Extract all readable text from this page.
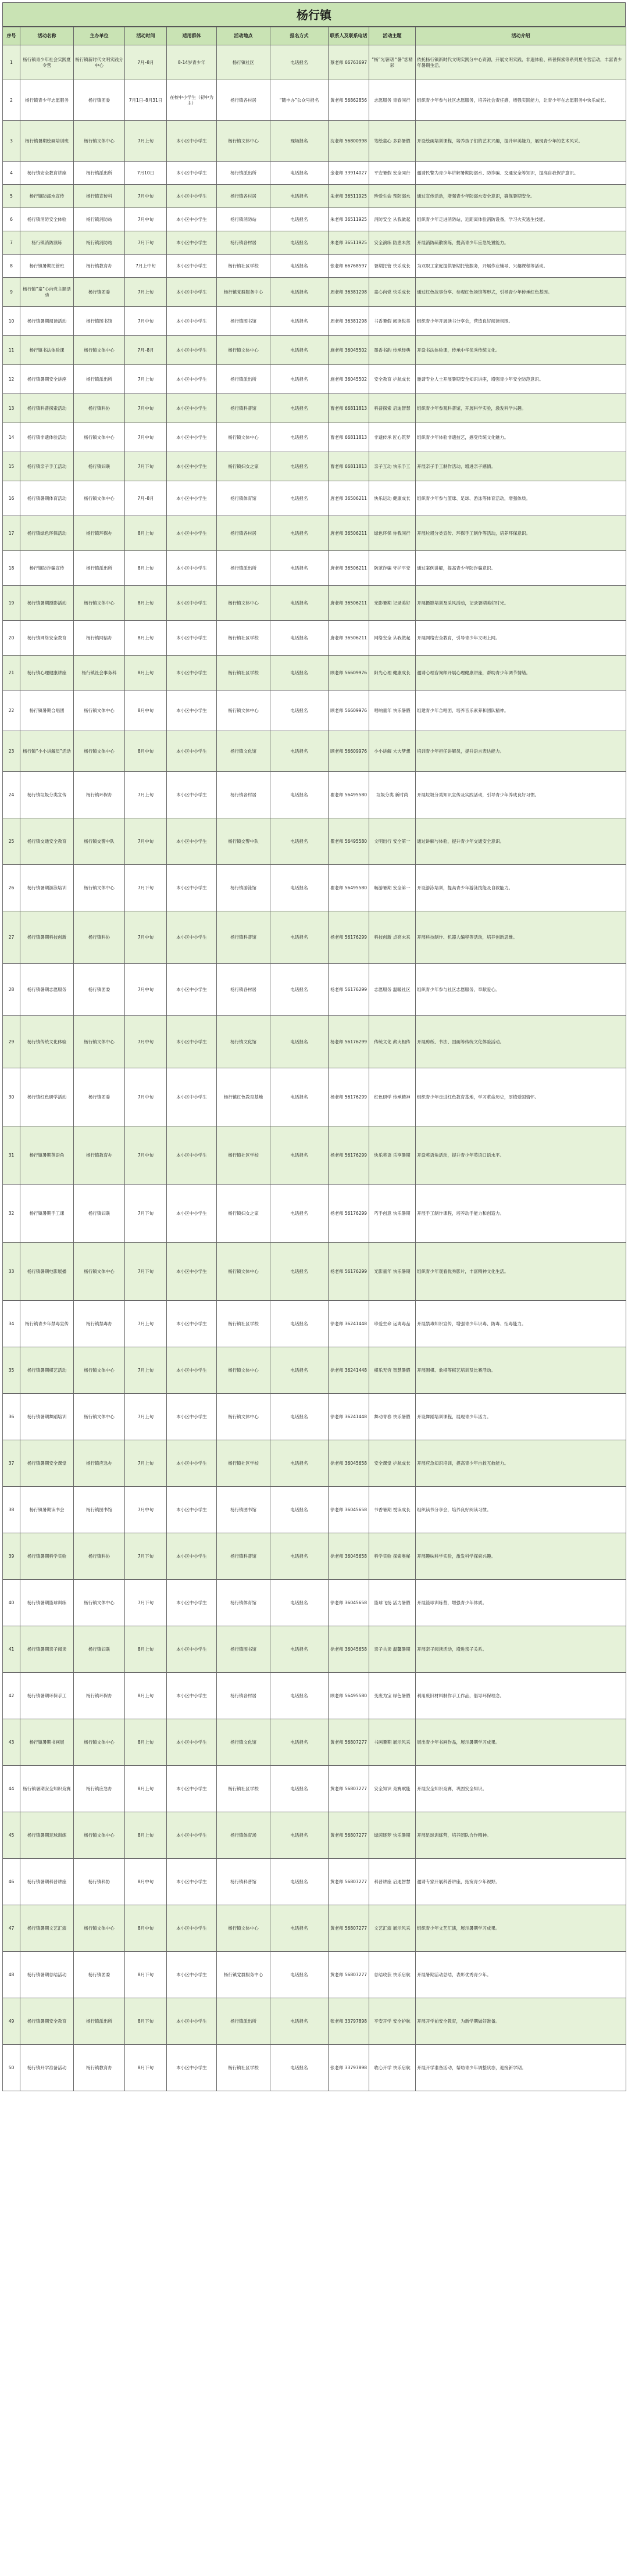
杨行镇
序号	活动名称	主办单位	活动时间	适用群体	活动地点	报名方式	联系人及联系电话	活动主题	活动介绍
1	杨行镇青少年社会实践夏令营	杨行镇新时代文明实践分中心	7月–8月	8-14岁青少年	杨行镇社区	电话报名	蔡老师 66763697	“杨”光暑期 “暑”您精彩	依托杨行镇新时代文明实践分中心资源，开展文明实践、非遗体验、科普探索等系列夏令营活动，丰富青少年暑期生活。
2	杨行镇青少年志愿服务	杨行镇团委	7月1日–8月31日	在校中小学生（初中为主）	杨行镇各村居	“随申办”公众号报名	黄老师 56862856	志愿服务 青春同行	组织青少年参与社区志愿服务，培养社会责任感，增强实践能力，让青少年在志愿服务中快乐成长。
3	杨行镇暑期绘画培训班	杨行镇文体中心	7月上旬	本小区中小学生	杨行镇文体中心	现场报名	沈老师 56800998	笔绘童心 多彩暑假	开设绘画培训课程，培养孩子们的艺术兴趣，提升审美能力，展现青少年的艺术风采。
4	杨行镇安全教育讲座	杨行镇派出所	7月10日	本小区中小学生	杨行镇派出所	电话报名	金老师 33914027	平安暑假 安全同行	邀请民警为青少年讲解暑期防溺水、防诈骗、交通安全等知识，提高自我保护意识。
5	杨行镇防溺水宣传	杨行镇宣传科	7月中旬	本小区中小学生	杨行镇各村居	电话报名	朱老师 36511925	珍爱生命 预防溺水	通过宣传活动，增强青少年防溺水安全意识，确保暑期安全。
6	杨行镇消防安全体验	杨行镇消防站	7月中旬	本小区中小学生	杨行镇消防站	电话报名	朱老师 36511925	消防安全 从我做起	组织青少年走进消防站，近距离体验消防设备，学习火灾逃生技能。
7	杨行镇消防演练	杨行镇消防站	7月下旬	本小区中小学生	杨行镇各村居	电话报名	朱老师 36511925	安全演练 防患未然	开展消防疏散演练，提高青少年应急处置能力。
8	杨行镇暑期托管班	杨行镇教育办	7月上中旬	本小区中小学生	杨行镇社区学校	电话报名	张老师 66768597	暑期托管 快乐成长	为双职工家庭提供暑期托管服务，开展作业辅导、兴趣课程等活动。
9	杨行镇“童”心向党主题活动	杨行镇团委	7月上旬	本小区中小学生	杨行镇党群服务中心	电话报名	周老师 36381298	童心向党 快乐成长	通过红色故事分享、参观红色场馆等形式，引导青少年传承红色基因。
10	杨行镇暑期阅读活动	杨行镇图书馆	7月中旬	本小区中小学生	杨行镇图书馆	电话报名	周老师 36381298	书香暑假 阅读悦美	组织青少年开展读书分享会，营造良好阅读氛围。
11	杨行镇书法体验课	杨行镇文体中心	7月–8月	本小区中小学生	杨行镇文体中心	电话报名	施老师 36045502	墨香书韵 传承经典	开设书法体验课，传承中华优秀传统文化。
12	杨行镇暑期安全讲座	杨行镇派出所	7月上旬	本小区中小学生	杨行镇派出所	电话报名	施老师 36045502	安全教育 护航成长	邀请专业人士开展暑期安全知识讲座，增强青少年安全防范意识。
13	杨行镇科普探索活动	杨行镇科协	7月中旬	本小区中小学生	杨行镇科普馆	电话报名	曹老师 66811813	科普探索 启迪智慧	组织青少年参观科普馆，开展科学实验，激发科学兴趣。
14	杨行镇非遗体验活动	杨行镇文体中心	7月中旬	本小区中小学生	杨行镇文体中心	电话报名	曹老师 66811813	非遗传承 匠心筑梦	组织青少年体验非遗技艺，感受传统文化魅力。
15	杨行镇亲子手工活动	杨行镇妇联	7月下旬	本小区中小学生	杨行镇妇女之家	电话报名	曹老师 66811813	亲子互动 快乐手工	开展亲子手工制作活动，增进亲子感情。
16	杨行镇暑期体育活动	杨行镇文体中心	7月–8月	本小区中小学生	杨行镇体育馆	电话报名	唐老师 36506211	快乐运动 健康成长	组织青少年参与篮球、足球、游泳等体育活动，增强体质。
17	杨行镇绿色环保活动	杨行镇环保办	8月上旬	本小区中小学生	杨行镇各村居	电话报名	唐老师 36506211	绿色环保 你我同行	开展垃圾分类宣传、环保手工制作等活动，培养环保意识。
18	杨行镇防诈骗宣传	杨行镇派出所	8月上旬	本小区中小学生	杨行镇派出所	电话报名	唐老师 36506211	防范诈骗 守护平安	通过案例讲解，提高青少年防诈骗意识。
19	杨行镇暑期摄影活动	杨行镇文体中心	8月上旬	本小区中小学生	杨行镇文体中心	电话报名	唐老师 36506211	光影暑期 记录美好	开展摄影培训及采风活动，记录暑期美好时光。
20	杨行镇网络安全教育	杨行镇网信办	8月上旬	本小区中小学生	杨行镇社区学校	电话报名	唐老师 36506211	网络安全 从我做起	开展网络安全教育，引导青少年文明上网。
21	杨行镇心理健康讲座	杨行镇社会事务科	8月上旬	本小区中小学生	杨行镇社区学校	电话报名	顾老师 56609976	阳光心理 健康成长	邀请心理咨询师开展心理健康讲座，帮助青少年调节情绪。
22	杨行镇暑期合唱团	杨行镇文体中心	8月中旬	本小区中小学生	杨行镇文体中心	电话报名	顾老师 56609976	唱响童年 快乐暑假	组建青少年合唱团，培养音乐素养和团队精神。
23	杨行镇“小小讲解员”活动	杨行镇文体中心	8月中旬	本小区中小学生	杨行镇文化馆	电话报名	顾老师 56609976	小小讲解 大大梦想	培训青少年担任讲解员，提升语言表达能力。
24	杨行镇垃圾分类宣传	杨行镇环保办	7月上旬	本小区中小学生	杨行镇各村居	电话报名	瞿老师 56495580	垃圾分类 新时尚	开展垃圾分类知识宣传及实践活动，引导青少年养成良好习惯。
25	杨行镇交通安全教育	杨行镇交警中队	7月中旬	本小区中小学生	杨行镇交警中队	电话报名	瞿老师 56495580	文明出行 安全第一	通过讲解与体验，提升青少年交通安全意识。
26	杨行镇暑期游泳培训	杨行镇文体中心	7月下旬	本小区中小学生	杨行镇游泳馆	电话报名	瞿老师 56495580	畅游暑期 安全第一	开设游泳培训，提高青少年游泳技能及自救能力。
27	杨行镇暑期科技创新	杨行镇科协	7月中旬	本小区中小学生	杨行镇科普馆	电话报名	杨老师 56176299	科技创新 点亮未来	开展科技制作、机器人编程等活动，培养创新思维。
28	杨行镇暑期志愿服务	杨行镇团委	7月中旬	本小区中小学生	杨行镇各村居	电话报名	杨老师 56176299	志愿服务 温暖社区	组织青少年参与社区志愿服务，奉献爱心。
29	杨行镇传统文化体验	杨行镇文体中心	7月中旬	本小区中小学生	杨行镇文化馆	电话报名	杨老师 56176299	传统文化 薪火相传	开展剪纸、书法、国画等传统文化体验活动。
30	杨行镇红色研学活动	杨行镇团委	7月中旬	本小区中小学生	杨行镇红色教育基地	电话报名	杨老师 56176299	红色研学 传承精神	组织青少年走进红色教育基地，学习革命历史，厚植爱国情怀。
31	杨行镇暑期英语角	杨行镇教育办	7月中旬	本小区中小学生	杨行镇社区学校	电话报名	杨老师 56176299	快乐英语 乐享暑期	开设英语角活动，提升青少年英语口语水平。
32	杨行镇暑期手工课	杨行镇妇联	7月下旬	本小区中小学生	杨行镇妇女之家	电话报名	杨老师 56176299	巧手创意 快乐暑期	开展手工制作课程，培养动手能力和创造力。
33	杨行镇暑期电影展播	杨行镇文体中心	7月下旬	本小区中小学生	杨行镇文体中心	电话报名	杨老师 56176299	光影童年 快乐暑期	组织青少年观看优秀影片，丰富精神文化生活。
34	杨行镇青少年禁毒宣传	杨行镇禁毒办	7月上旬	本小区中小学生	杨行镇社区学校	电话报名	徐老师 36241448	珍爱生命 远离毒品	开展禁毒知识宣传，增强青少年识毒、防毒、拒毒能力。
35	杨行镇暑期棋艺活动	杨行镇文体中心	7月上旬	本小区中小学生	杨行镇文体中心	电话报名	徐老师 36241448	棋乐无穷 智慧暑假	开展围棋、象棋等棋艺培训及比赛活动。
36	杨行镇暑期舞蹈培训	杨行镇文体中心	7月上旬	本小区中小学生	杨行镇文体中心	电话报名	徐老师 36241448	舞动青春 快乐暑假	开设舞蹈培训课程，展现青少年活力。
37	杨行镇暑期安全课堂	杨行镇应急办	7月上旬	本小区中小学生	杨行镇社区学校	电话报名	徐老师 36045658	安全课堂 护航成长	开展应急知识培训，提高青少年自救互救能力。
38	杨行镇暑期读书会	杨行镇图书馆	7月中旬	本小区中小学生	杨行镇图书馆	电话报名	徐老师 36045658	书香暑期 悦读成长	组织读书分享会，培养良好阅读习惯。
39	杨行镇暑期科学实验	杨行镇科协	7月下旬	本小区中小学生	杨行镇科普馆	电话报名	徐老师 36045658	科学实验 探索奥秘	开展趣味科学实验，激发科学探索兴趣。
40	杨行镇暑期篮球训练	杨行镇文体中心	7月下旬	本小区中小学生	杨行镇体育馆	电话报名	徐老师 36045658	篮球飞扬 活力暑假	开展篮球训练营，增强青少年体质。
41	杨行镇暑期亲子阅读	杨行镇妇联	8月上旬	本小区中小学生	杨行镇图书馆	电话报名	徐老师 36045658	亲子共读 温馨暑期	开展亲子阅读活动，增进亲子关系。
42	杨行镇暑期环保手工	杨行镇环保办	8月上旬	本小区中小学生	杨行镇各村居	电话报名	顾老师 56495580	变废为宝 绿色暑假	利用废旧材料制作手工作品，倡导环保理念。
43	杨行镇暑期书画展	杨行镇文体中心	8月上旬	本小区中小学生	杨行镇文化馆	电话报名	黄老师 56807277	书画暑期 展示风采	展出青少年书画作品，展示暑期学习成果。
44	杨行镇暑期安全知识竞赛	杨行镇应急办	8月上旬	本小区中小学生	杨行镇社区学校	电话报名	黄老师 56807277	安全知识 竞赛赋能	开展安全知识竞赛，巩固安全知识。
45	杨行镇暑期足球训练	杨行镇文体中心	8月上旬	本小区中小学生	杨行镇体育场	电话报名	黄老师 56807277	绿茵逐梦 快乐暑期	开展足球训练营，培养团队合作精神。
46	杨行镇暑期科普讲座	杨行镇科协	8月中旬	本小区中小学生	杨行镇科普馆	电话报名	黄老师 56807277	科普讲座 启迪智慧	邀请专家开展科普讲座，拓宽青少年视野。
47	杨行镇暑期文艺汇演	杨行镇文体中心	8月中旬	本小区中小学生	杨行镇文体中心	电话报名	黄老师 56807277	文艺汇演 展示风采	组织青少年文艺汇演，展示暑期学习成果。
48	杨行镇暑期总结活动	杨行镇团委	8月下旬	本小区中小学生	杨行镇党群服务中心	电话报名	黄老师 56807277	总结收获 快乐启航	开展暑期活动总结，表彰优秀青少年。
49	杨行镇暑期安全教育	杨行镇派出所	8月下旬	本小区中小学生	杨行镇派出所	电话报名	张老师 33797898	平安开学 安全护航	开展开学前安全教育，为新学期做好准备。
50	杨行镇开学准备活动	杨行镇教育办	8月下旬	本小区中小学生	杨行镇社区学校	电话报名	张老师 33797898	收心开学 快乐启航	开展开学准备活动，帮助青少年调整状态，迎接新学期。
